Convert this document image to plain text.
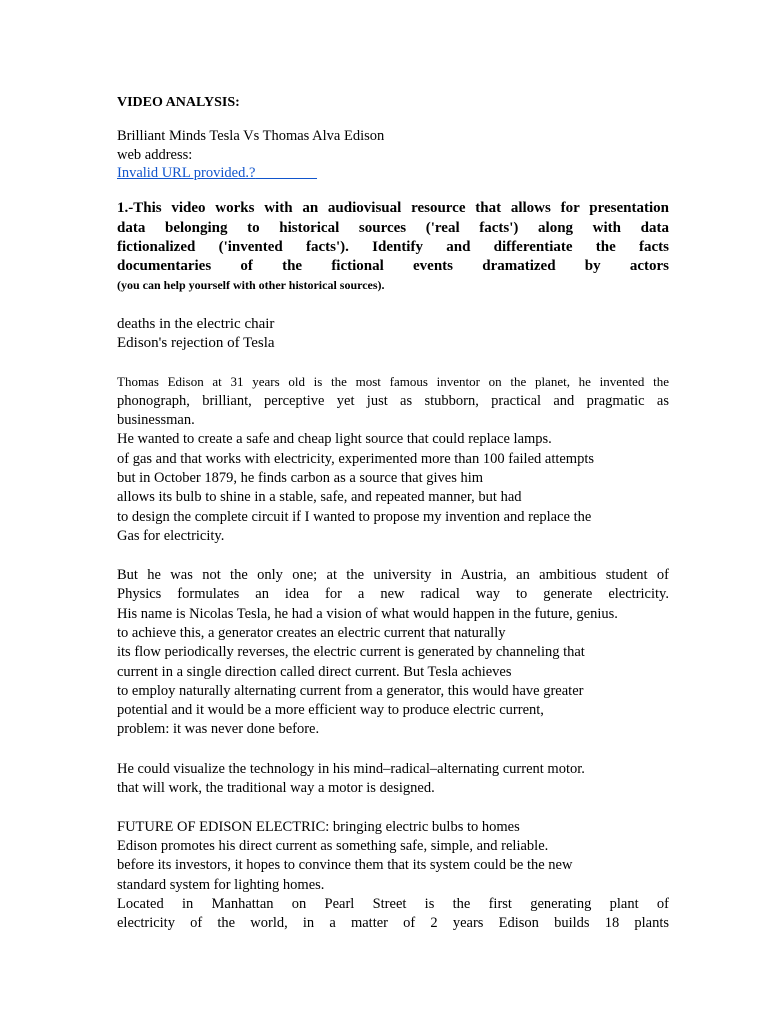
VIDEO ANALYSIS:
Brilliant Minds Tesla Vs Thomas Alva Edison
web address:
Invalid URL provided.?
1.-This video works with an audiovisual resource that allows for presentation
data belonging to historical sources ('real facts') along with data
fictionalized ('invented facts'). Identify and differentiate the facts
documentaries of the fictional events dramatized by actors
(you can help yourself with other historical sources).
deaths in the electric chair
Edison's rejection of Tesla
Thomas Edison at 31 years old is the most famous inventor on the planet, he invented the
phonograph, brilliant, perceptive yet just as stubborn, practical and pragmatic as
businessman.
He wanted to create a safe and cheap light source that could replace lamps.
of gas and that works with electricity, experimented more than 100 failed attempts
but in October 1879, he finds carbon as a source that gives him
allows its bulb to shine in a stable, safe, and repeated manner, but had
to design the complete circuit if I wanted to propose my invention and replace the
Gas for electricity.
But he was not the only one; at the university in Austria, an ambitious student of
Physics formulates an idea for a new radical way to generate electricity.
His name is Nicolas Tesla, he had a vision of what would happen in the future, genius.
to achieve this, a generator creates an electric current that naturally
its flow periodically reverses, the electric current is generated by channeling that
current in a single direction called direct current. But Tesla achieves
to employ naturally alternating current from a generator, this would have greater
potential and it would be a more efficient way to produce electric current,
problem: it was never done before.
He could visualize the technology in his mind–radical–alternating current motor.
that will work, the traditional way a motor is designed.
FUTURE OF EDISON ELECTRIC: bringing electric bulbs to homes
Edison promotes his direct current as something safe, simple, and reliable.
before its investors, it hopes to convince them that its system could be the new
standard system for lighting homes.
Located in Manhattan on Pearl Street is the first generating plant of
electricity of the world, in a matter of 2 years Edison builds 18 plants
